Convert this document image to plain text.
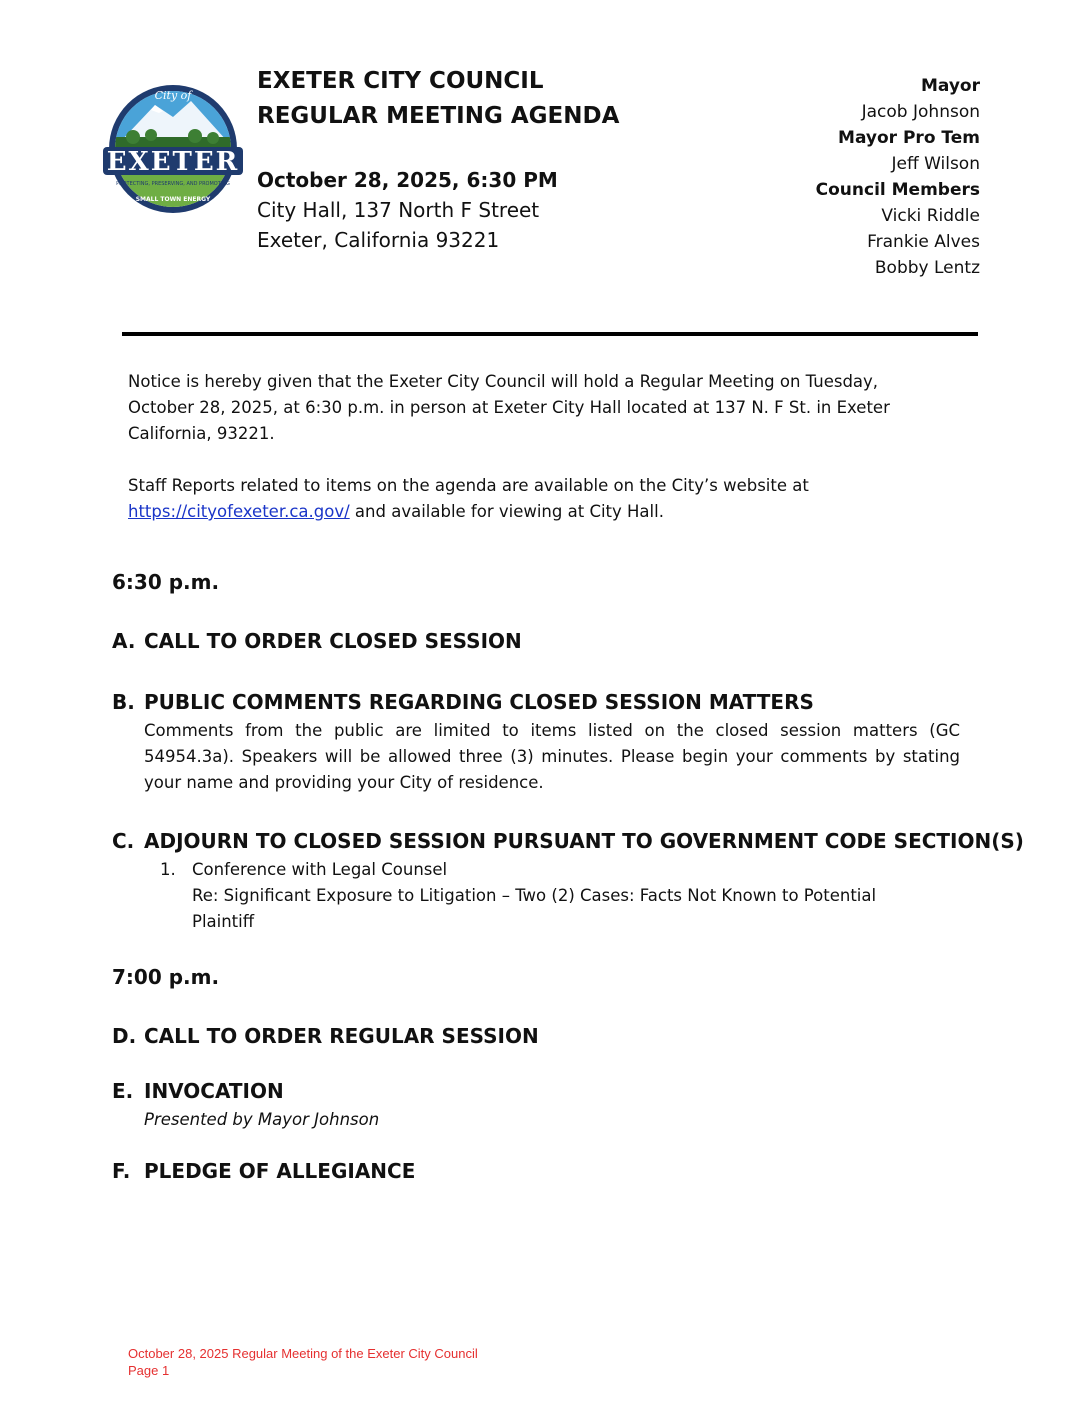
City of
EXETER
PROTECTING, PRESERVING, AND PROMOTING
SMALL TOWN ENERGY
EXETER CITY COUNCIL
REGULAR MEETING AGENDA
October 28, 2025, 6:30 PM
City Hall, 137 North F Street
Exeter, California 93221
Mayor
Jacob Johnson
Mayor Pro Tem
Jeff Wilson
Council Members
Vicki Riddle
Frankie Alves
Bobby Lentz
Notice is hereby given that the Exeter City Council will hold a Regular Meeting on Tuesday,
October 28, 2025, at 6:30 p.m. in person at Exeter City Hall located at 137 N. F St. in Exeter
California, 93221.
Staff Reports related to items on the agenda are available on the City’s website at
https://cityofexeter.ca.gov/ and available for viewing at City Hall.
6:30 p.m.
A. CALL TO ORDER CLOSED SESSION
B. PUBLIC COMMENTS REGARDING CLOSED SESSION MATTERS
Comments from the public are limited to items listed on the closed session matters (GC 54954.3a). Speakers will be allowed three (3) minutes. Please begin your comments by stating your name and providing your City of residence.
C. ADJOURN TO CLOSED SESSION PURSUANT TO GOVERNMENT CODE SECTION(S)
1. Conference with Legal Counsel
Re: Significant Exposure to Litigation – Two (2) Cases: Facts Not Known to Potential Plaintiff
7:00 p.m.
D. CALL TO ORDER REGULAR SESSION
E. INVOCATION
Presented by Mayor Johnson
F. PLEDGE OF ALLEGIANCE
October 28, 2025 Regular Meeting of the Exeter City Council
Page 1
